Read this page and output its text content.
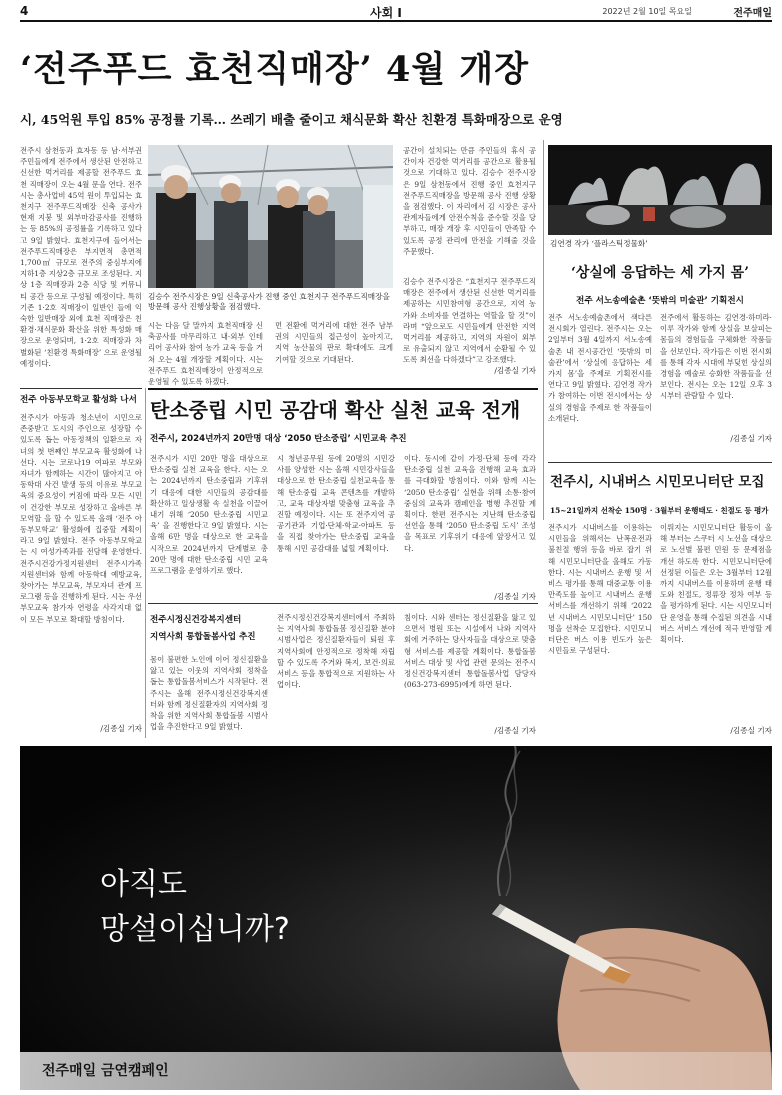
4	사회 I	2022년 2월 10일 목요일	전주매일
‘전주푸드 효천직매장’ 4월 개장
시, 45억원 투입 85% 공정률 기록… 쓰레기 배출 줄이고 채식문화 확산 친환경 특화매장으로 운영
전주시 삼천동과 효자동 등 남·서부권 주민들에게 전주에서 생산된 안전하고 신선한 먹거리를 제공할 전주푸드 효천 직매장이 오는 4월 문을 연다. 전주시는 총사업비 45억 원이 투입되는 효천지구 전주푸드직매장 신축 공사가 현재 지붕 및 외부마감공사를 진행하는 등 85%의 공정률을 기록하고 있다고 9일 밝혔다. 효천지구에 들어서는 전주푸드직매장은 부지면적 총면적 1,700㎡ 규모로 전주의 중심부지에 지하1층 지상2층 규모로 조성된다. 지상 1층 직매장과 2층 식당 및 커뮤니티 공간 등으로 구성될 예정이다. 특히 기존 1·2호 직매장이 일반인 들에 익숙한 일반매장 외에 효천 직매장은 친환경·채식문화 확산을 위한 특성화 매장으로 운영되며, 1·2호 직매장과 차별화된 ‘친환경 특화매장’ 으로 운영될 예정이다.
김승수 전주시장은 9일 신축공사가 진행 중인 효천지구 전주푸드직매장을 방문해 공사 진행상황을 점검했다.
시는 다음 달 말까지 효천직매장 신축공사를 마무리하고 내·외부 인테리어 공사와 참여 농가 교육 등을 거쳐 오는 4월 개장할 계획이다. 시는 전주푸드 효천직매장이 안정적으로 운영될 수 있도록 하겠다.
먼 전환에 먹거리에 대한 전주 남부권의 시민들의 접근성이 높아지고, 지역 농산물의 판로 확대에도 크게 기여할 것으로 기대된다.
공간이 설치되는 만큼 주민들의 휴식 공간이자 건강한 먹거리를 공간으로 활용될 것으로 기대하고 있다. 김승수 전주시장은 9일 삼천동에서 진행 중인 효천지구 전주푸드직매장을 방문해 공사 진행 상황을 점검했다. 이 자리에서 김 시장은 공사 관계자들에게 안전수칙을 준수할 것을 당부하고, 매장 개장 후 시민들이 만족할 수 있도록 공정 관리에 만전을 기해줄 것을 주문했다.
김승수 전주시장은 “효천지구 전주푸드직매장은 전주에서 생산된 신선한 먹거리를 제공하는 시민참여형 공간으로, 지역 농가와 소비자를 연결하는 역할을 할 것”이라며 “앞으로도 시민들에게 안전한 지역 먹거리를 제공하고, 지역의 자원이 외부로 유출되지 않고 지역에서 순환될 수 있도록 최선을 다하겠다”고 강조했다.
/김종실 기자
전주 아동부모학교 활성화 나서
전주시가 아동과 청소년이 시민으로 존중받고 도시의 주인으로 성장할 수 있도록 돕는 아동정책의 일환으로 자녀의 첫 번째인 부모교육 활성화에 나선다. 시는 코로나19 여파로 부모와 자녀가 함께하는 시간이 많아지고 아동학대 사건 발생 등의 이유로 부모교육의 중요성이 커짐에 따라 모든 시민이 건강한 부모로 성장하고 올바른 부모역할 을 할 수 있도록 올해 ‘전주 아동부모학교’ 활성화에 집중할 계획이라고 9일 밝혔다. 전주 아동부모학교는 시 여성가족과를 전담해 운영한다. 전주시건강가정지원센터 전주시가족지원센터와 함께 아동학대 예방교육, 찾아가는 부모교육, 부모자녀 관계 프로그램 등을 진행하게 된다. 시는 우선 부모교육 참가자 연령을 사각지대 없이 모든 부모로 확대할 방침이다.
/김종실 기자
탄소중립 시민 공감대 확산 실천 교육 전개
전주시, 2024년까지 20만명 대상 ‘2050 탄소중립’ 시민교육 추진
전주시가 시민 20만 명을 대상으로 탄소중립 실천 교육을 한다. 시는 오는 2024년까지 탄소중립과 기후위기 대응에 대한 시민들의 공감대를 확산하고 일상생활 속 실천을 이끌어내기 위해 ‘2050 탄소중립 시민교육’ 을 진행한다고 9일 밝혔다. 시는 올해 6만 명을 대상으로 한 교육을 시작으로 2024년까지 단계별로 총 20만 명에 대한 탄소중립 시민 교육 프로그램을 운영하기로 했다.
시 청년공무원 등에 20명의 시민강사를 양성한 시는 올해 시민강사들을 대상으로 한 탄소중립 실천교육을 통해 탄소중립 교육 콘텐츠를 개발하고, 교육 대상자별 맞춤형 교육을 추진할 예정이다. 시는 또 전주지역 공공기관과 기업·단체·학교·아파트 등을 직접 찾아가는 탄소중립 교육을 통해 시민 공감대를 넓힐 계획이다.
이다. 동시에 같이 가정·단체 등에 각각 탄소중립 실천 교육을 진행해 교육 효과를 극대화할 방침이다. 이와 함께 시는 ‘2050 탄소중립’ 실현을 위해 소통·참여 중심의 교육과 캠페인을 병행 추진할 계획이다. 한편 전주시는 지난해 탄소중립 선언을 통해 ‘2050 탄소중립 도시’ 조성을 목표로 기후위기 대응에 앞장서고 있다.
/김종실 기자
전주시정신건강복지센터
지역사회 통합돌봄사업 추진
몸이 불편한 노인에 이어 정신질환을 앓고 있는 이웃의 지역사회 정착을 돕는 통합돌봄서비스가 시작된다. 전주시는 올해 전주시정신건강복지센터와 함께 정신질환자의 지역사회 정착을 위한 지역사회 통합돌봄 시범사업을 추진한다고 9일 밝혔다.
전주시정신건강복지센터에서 주최하는 지역사회 통합돌봄 정신질환 분야 시범사업은 정신질환자들이 퇴원 후 지역사회에 안정적으로 정착해 자립할 수 있도록 주거와 복지, 보건·의료 서비스 등을 통합적으로 지원하는 사업이다.
침이다. 시와 센터는 정신질환을 앓고 있으면서 병원 또는 시설에서 나와 지역사회에 거주하는 당사자들을 대상으로 맞춤형 서비스를 제공할 계획이다. 통합돌봄서비스 대상 및 사업 관련 문의는 전주시정신건강복지센터 통합돌봄사업 담당자(063-273-6995)에게 하면 된다.
/김종실 기자
김연경 작가 ‘플라스틱정물화’
‘상실에 응답하는 세 가지 몸’
전주 서노송예술촌 ‘뜻밖의 미술관’ 기획전시
전주 서노송예술촌에서 색다른 전시회가 열린다. 전주시는 오는 2일부터 3월 4일까지 서노송예술촌 내 전시공간인 ‘뜻밖의 미술관’에서 ‘상실에 응답하는 세 가지 몸’을 주제로 기획전시를 연다고 9일 밝혔다. 김연경 작가가 참여하는 이번 전시에서는 상실의 경험을 주제로 한 작품들이 소개된다.
전주에서 활동하는 김연경·하미라·이루 작가와 함께 상실을 보살피는 몸들의 경험들을 구체화한 작품들을 선보인다. 작가들은 이번 전시회를 통해 각자 시대에 부딪힌 상실의 경험을 예술로 승화한 작품들을 선보인다. 전시는 오는 12일 오후 3시부터 관람할 수 있다.
/김종실 기자
전주시, 시내버스 시민모니터단 모집
15~21일까지 선착순 150명 · 3월부터 운행태도 · 친절도 등 평가
전주시가 시내버스를 이용하는 시민들을 위해서는 난폭운전과 불친절 행위 등을 바로 잡기 위해 시민모니터단을 올해도 가동한다. 시는 시내버스 운행 및 서비스 평가를 통해 대중교통 이용 만족도를 높이고 시내버스 운행 서비스를 개선하기 위해 ‘2022년 시내버스 시민모니터단’ 150명을 선착순 모집한다. 시민모니터단은 버스 이용 빈도가 높은 시민들로 구성된다.
이뤄지는 시민모니터단 활동이 올해 부터는 스쿠터 시 노선을 대상으로 노선별 불편 민원 등 문제점을 개선 하도록 한다. 시민모니터단에 선정된 이들은 오는 3월부터 12월까지 시내버스를 이용하며 운행 태도와 친절도, 정류장 정차 여부 등을 평가하게 된다. 시는 시민모니터단 운영을 통해 수집된 의견을 시내버스 서비스 개선에 적극 반영할 계획이다.
/김종실 기자
아직도
망설이십니까?
전주매일 금연캠페인
